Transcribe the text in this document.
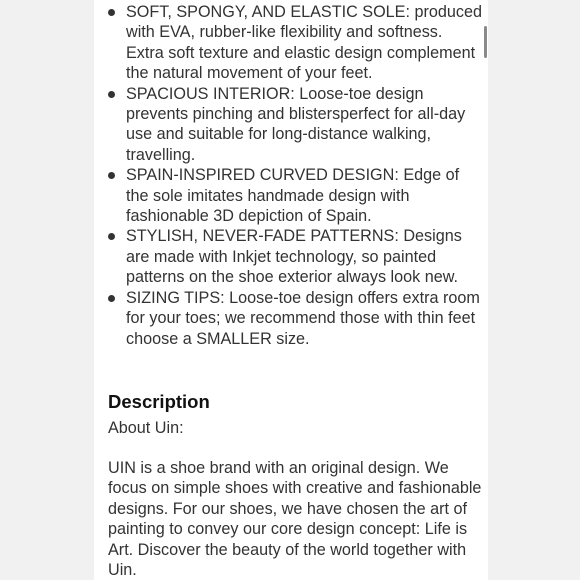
SOFT, SPONGY, AND ELASTIC SOLE: produced with EVA, rubber-like flexibility and softness. Extra soft texture and elastic design complement the natural movement of your feet.
SPACIOUS INTERIOR: Loose-toe design prevents pinching and blistersperfect for all-day use and suitable for long-distance walking, travelling.
SPAIN-INSPIRED CURVED DESIGN: Edge of the sole imitates handmade design with fashionable 3D depiction of Spain.
STYLISH, NEVER-FADE PATTERNS: Designs are made with Inkjet technology, so painted patterns on the shoe exterior always look new.
SIZING TIPS: Loose-toe design offers extra room for your toes; we recommend those with thin feet choose a SMALLER size.
Description

About Uin:

UIN is a shoe brand with an original design. We focus on simple shoes with creative and fashionable designs. For our shoes, we have chosen the art of painting to convey our core design concept: Life is Art. Discover the beauty of the world together with Uin.
